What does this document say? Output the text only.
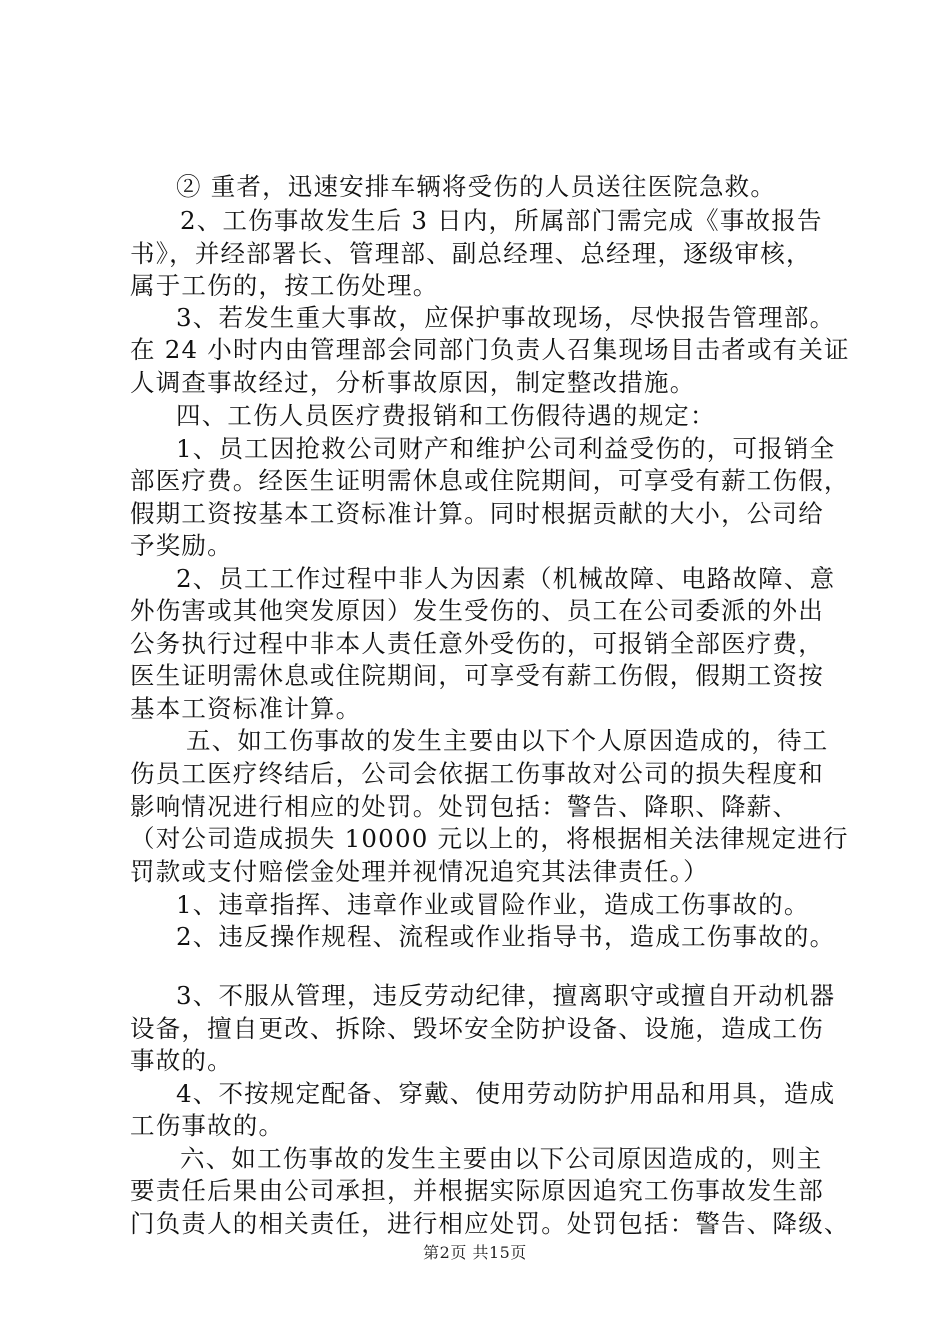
② 重者，迅速安排车辆将受伤的人员送往医院急救。
2、工伤事故发生后 3 日内，所属部门需完成《事故报告
书》，并经部署长、管理部、副总经理、总经理，逐级审核，
属于工伤的，按工伤处理。
3、若发生重大事故，应保护事故现场，尽快报告管理部。
在 24 小时内由管理部会同部门负责人召集现场目击者或有关证
人调查事故经过，分析事故原因，制定整改措施。
四、工伤人员医疗费报销和工伤假待遇的规定：
1、员工因抢救公司财产和维护公司利益受伤的，可报销全
部医疗费。经医生证明需休息或住院期间，可享受有薪工伤假，
假期工资按基本工资标准计算。同时根据贡献的大小，公司给
予奖励。
2、员工工作过程中非人为因素（机械故障、电路故障、意
外伤害或其他突发原因）发生受伤的、员工在公司委派的外出
公务执行过程中非本人责任意外受伤的，可报销全部医疗费，
医生证明需休息或住院期间，可享受有薪工伤假，假期工资按
基本工资标准计算。
五、如工伤事故的发生主要由以下个人原因造成的，待工
伤员工医疗终结后，公司会依据工伤事故对公司的损失程度和
影响情况进行相应的处罚。处罚包括：警告、降职、降薪、
（对公司造成损失 10000 元以上的，将根据相关法律规定进行
罚款或支付赔偿金处理并视情况追究其法律责任。）
1、违章指挥、违章作业或冒险作业，造成工伤事故的。
2、违反操作规程、流程或作业指导书，造成工伤事故的。
3、不服从管理，违反劳动纪律，擅离职守或擅自开动机器
设备，擅自更改、拆除、毁坏安全防护设备、设施，造成工伤
事故的。
4、不按规定配备、穿戴、使用劳动防护用品和用具，造成
工伤事故的。
六、如工伤事故的发生主要由以下公司原因造成的，则主
要责任后果由公司承担，并根据实际原因追究工伤事故发生部
门负责人的相关责任，进行相应处罚。处罚包括：警告、降级、
第2页 共15页
